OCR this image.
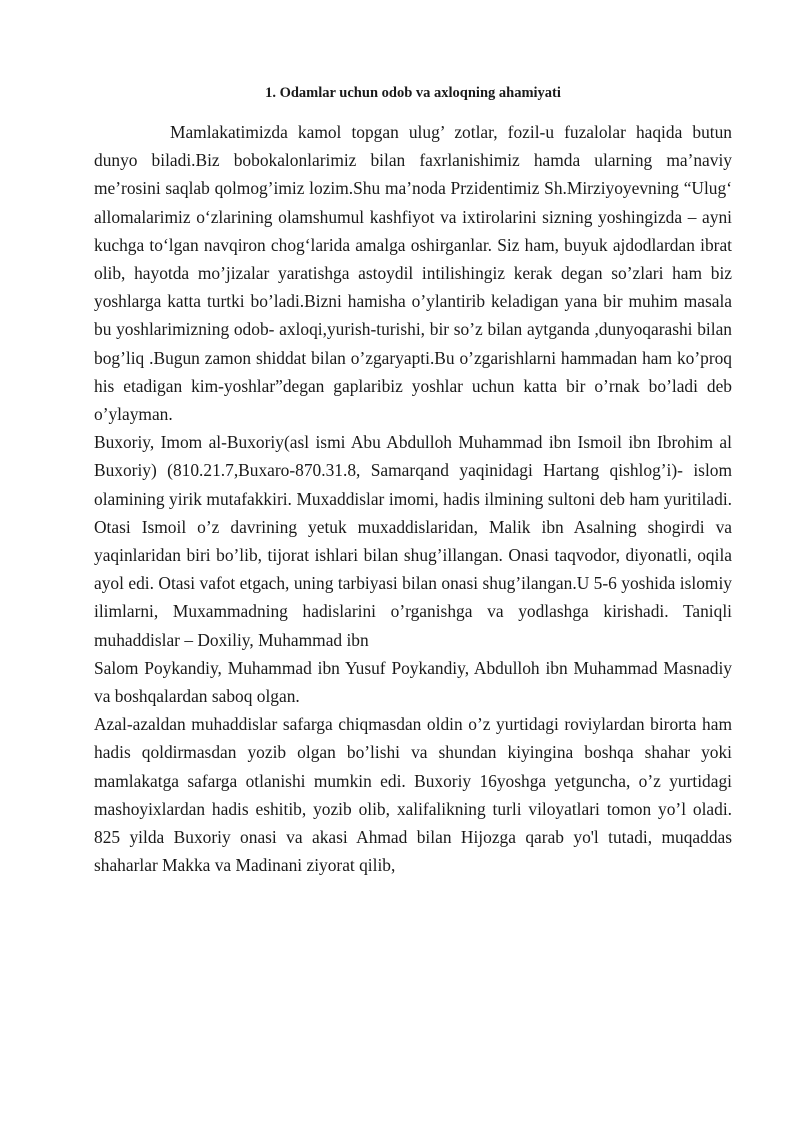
1. Odamlar uchun odob va axloqning ahamiyati

Mamlakatimizda kamol topgan ulug’ zotlar, fozil-u fuzalolar haqida butun dunyo biladi.Biz bobokalonlarimiz bilan faxrlanishimiz hamda ularning ma’naviy me’rosini saqlab qolmog’imiz lozim.Shu ma’noda Przidentimiz Sh.Mirziyoyevning “Ulug‘ allomalarimiz o‘zlarining olamshumul kashfiyot va ixtirolarini sizning yoshingizda – ayni kuchga to‘lgan navqiron chog‘larida amalga oshirganlar. Siz ham, buyuk ajdodlardan ibrat olib, hayotda mo’jizalar yaratishga astoydil intilishingiz kerak degan so’zlari ham biz yoshlarga katta turtki bo’ladi.Bizni hamisha o’ylantirib keladigan yana bir muhim masala bu yoshlarimizning odob- axloqi,yurish-turishi, bir so’z bilan aytganda ,dunyoqarashi bilan bog’liq .Bugun zamon shiddat bilan o’zgaryapti.Bu o’zgarishlarni hammadan ham ko’proq his etadigan kim-yoshlar”degan gaplaribiz yoshlar uchun katta bir o’rnak bo’ladi deb o’ylayman.

Buxoriy, Imom al-Buxoriy(asl ismi Abu Abdulloh Muhammad ibn Ismoil ibn Ibrohim al Buxoriy) (810.21.7,Buxaro-870.31.8, Samarqand yaqinidagi Hartang qishlog’i)- islom olamining yirik mutafakkiri. Muxaddislar imomi, hadis ilmining sultoni deb ham yuritiladi. Otasi Ismoil o’z davrining yetuk muxaddislaridan, Malik ibn Asalning shogirdi va yaqinlaridan biri bo’lib, tijorat ishlari bilan shug’illangan. Onasi taqvodor, diyonatli, oqila ayol edi. Otasi vafot etgach, uning tarbiyasi bilan onasi shug’ilangan.U 5-6 yoshida islomiy ilimlarni, Muxammadning hadislarini o’rganishga va yodlashga kirishadi. Taniqli muhaddislar – Doxiliy, Muhammad ibn

Salom Poykandiy, Muhammad ibn Yusuf Poykandiy, Abdulloh ibn Muhammad Masnadiy va boshqalardan saboq olgan.

Azal-azaldan muhaddislar safarga chiqmasdan oldin o’z yurtidagi roviylardan birorta ham hadis qoldirmasdan yozib olgan bo’lishi va shundan kiyingina boshqa shahar yoki mamlakatga safarga otlanishi mumkin edi. Buxoriy 16yoshga yetguncha, o’z yurtidagi mashoyixlardan hadis eshitib, yozib olib, xalifalikning turli viloyatlari tomon yo’l oladi. 825 yilda Buxoriy onasi va akasi Ahmad bilan Hijozga qarab yo'l tutadi, muqaddas shaharlar Makka va Madinani ziyorat qilib,
